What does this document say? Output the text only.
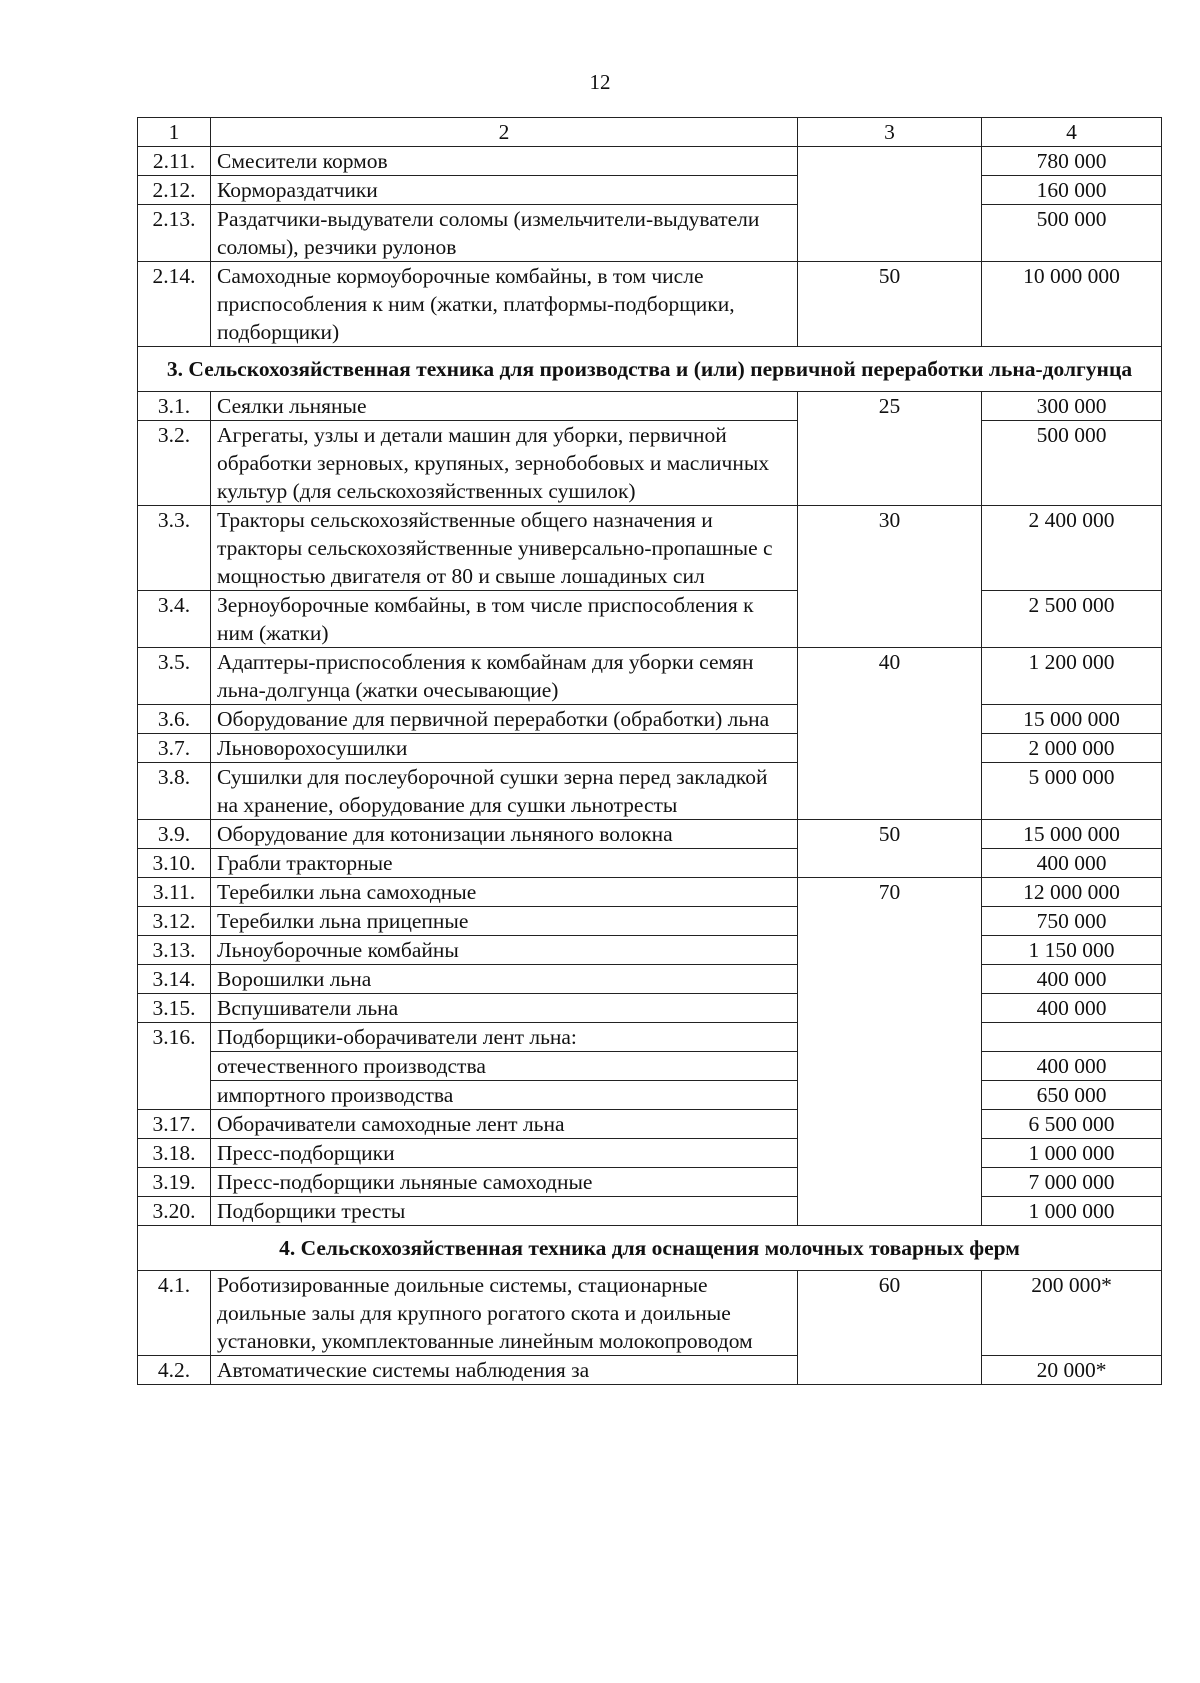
12
1	2	3	4
2.11.	Смесители кормов		780 000
2.12.	Кормораздатчики		160 000
2.13.	Раздатчики-выдуватели соломы (измельчители-выдуватели соломы), резчики рулонов		500 000
2.14.	Самоходные кормоуборочные комбайны, в том числе приспособления к ним (жатки, платформы-подборщики, подборщики)	50	10 000 000
3. Сельскохозяйственная техника для производства и (или) первичной переработки льна-долгунца			
3.1.	Сеялки льняные	25	300 000
3.2.	Агрегаты, узлы и детали машин для уборки, первичной обработки зерновых, крупяных, зернобобовых и масличных культур (для сельскохозяйственных сушилок)		500 000
3.3.	Тракторы сельскохозяйственные общего назначения и тракторы сельскохозяйственные универсально-пропашные с мощностью двигателя от 80 и свыше лошадиных сил	30	2 400 000
3.4.	Зерноуборочные комбайны, в том числе приспособления к ним (жатки)		2 500 000
3.5.	Адаптеры-приспособления к комбайнам для уборки семян льна-долгунца (жатки очесывающие)	40	1 200 000
3.6.	Оборудование для первичной переработки (обработки) льна		15 000 000
3.7.	Льноворохосушилки		2 000 000
3.8.	Сушилки для послеуборочной сушки зерна перед закладкой на хранение, оборудование для сушки льнотресты		5 000 000
3.9.	Оборудование для котонизации льняного волокна	50	15 000 000
3.10.	Грабли тракторные		400 000
3.11.	Теребилки льна самоходные	70	12 000 000
3.12.	Теребилки льна прицепные		750 000
3.13.	Льноуборочные комбайны		1 150 000
3.14.	Ворошилки льна		400 000
3.15.	Вспушиватели льна		400 000
3.16.	Подборщики-оборачиватели лент льна:		
	отечественного производства		400 000
	импортного производства		650 000
3.17.	Оборачиватели самоходные лент льна		6 500 000
3.18.	Пресс-подборщики		1 000 000
3.19.	Пресс-подборщики льняные самоходные		7 000 000
3.20.	Подборщики тресты		1 000 000
4. Сельскохозяйственная техника для оснащения молочных товарных ферм			
4.1.	Роботизированные доильные системы, стационарные доильные залы для крупного рогатого скота и доильные установки, укомплектованные линейным молокопроводом	60	200 000*
4.2.	Автоматические системы наблюдения за		20 000*
